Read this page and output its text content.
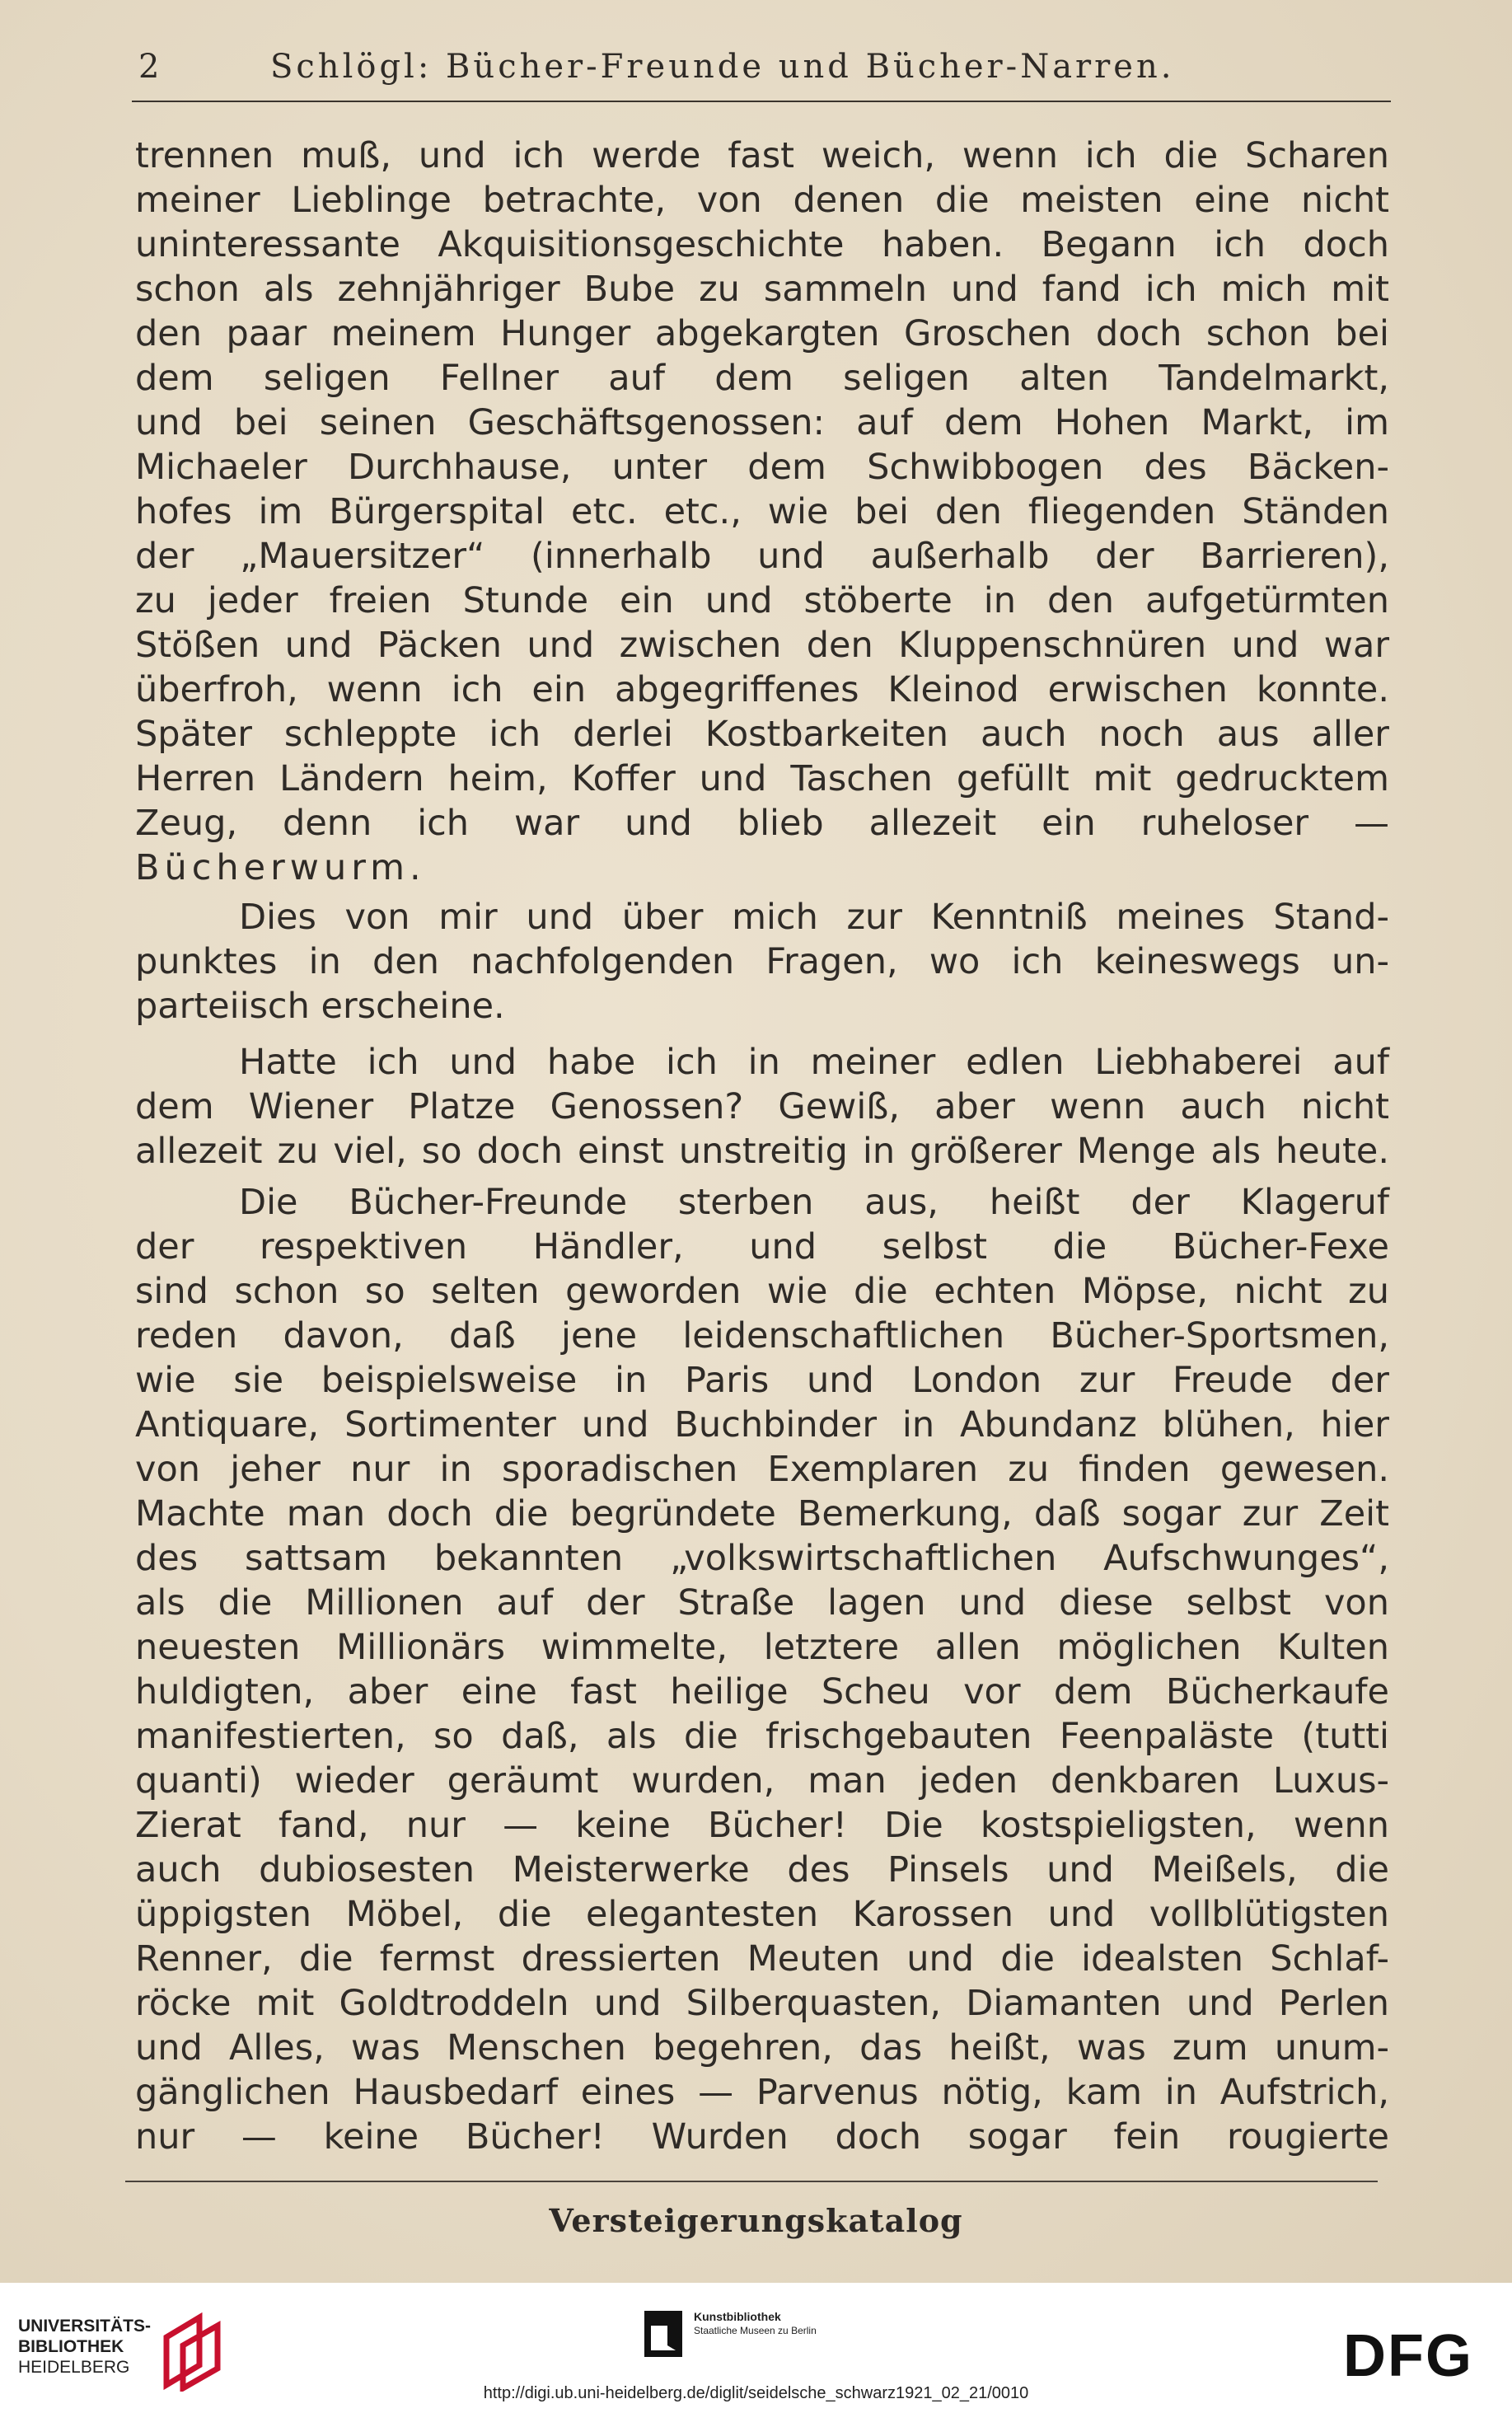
2	Schlögl: Bücher-Freunde und Bücher-Narren.
trennen muß, und ich werde fast weich, wenn ich die Scharen
meiner Lieblinge betrachte, von denen die meisten eine nicht
uninteressante Akquisitionsgeschichte haben. Begann ich doch
schon als zehnjähriger Bube zu sammeln und fand ich mich mit
den paar meinem Hunger abgekargten Groschen doch schon bei
dem seligen Fellner auf dem seligen alten Tandelmarkt,
und bei seinen Geschäftsgenossen: auf dem Hohen Markt, im
Michaeler Durchhause, unter dem Schwibbogen des Bäcken-
hofes im Bürgerspital etc. etc., wie bei den fliegenden Ständen
der „Mauersitzer“ (innerhalb und außerhalb der Barrieren),
zu jeder freien Stunde ein und stöberte in den aufgetürmten
Stößen und Päcken und zwischen den Kluppenschnüren und war
überfroh, wenn ich ein abgegriffenes Kleinod erwischen konnte.
Später schleppte ich derlei Kostbarkeiten auch noch aus aller
Herren Ländern heim, Koffer und Taschen gefüllt mit gedrucktem
Zeug, denn ich war und blieb allezeit ein ruheloser —
Bücherwurm.
Dies von mir und über mich zur Kenntniß meines Stand-
punktes in den nachfolgenden Fragen, wo ich keineswegs un-
parteiisch erscheine.
Hatte ich und habe ich in meiner edlen Liebhaberei auf
dem Wiener Platze Genossen? Gewiß, aber wenn auch nicht
allezeit zu viel, so doch einst unstreitig in größerer Menge als heute.
Die Bücher-Freunde sterben aus, heißt der Klageruf
der respektiven Händler, und selbst die Bücher-Fexe
sind schon so selten geworden wie die echten Möpse, nicht zu
reden davon, daß jene leidenschaftlichen Bücher-Sportsmen,
wie sie beispielsweise in Paris und London zur Freude der
Antiquare, Sortimenter und Buchbinder in Abundanz blühen, hier
von jeher nur in sporadischen Exemplaren zu finden gewesen.
Machte man doch die begründete Bemerkung, daß sogar zur Zeit
des sattsam bekannten „volkswirtschaftlichen Aufschwunges“,
als die Millionen auf der Straße lagen und diese selbst von
neuesten Millionärs wimmelte, letztere allen möglichen Kulten
huldigten, aber eine fast heilige Scheu vor dem Bücherkaufe
manifestierten, so daß, als die frischgebauten Feenpaläste (tutti
quanti) wieder geräumt wurden, man jeden denkbaren Luxus-
Zierat fand, nur — keine Bücher! Die kostspieligsten, wenn
auch dubiosesten Meisterwerke des Pinsels und Meißels, die
üppigsten Möbel, die elegantesten Karossen und vollblütigsten
Renner, die fermst dressierten Meuten und die idealsten Schlaf-
röcke mit Goldtroddeln und Silberquasten, Diamanten und Perlen
und Alles, was Menschen begehren, das heißt, was zum unum-
gänglichen Hausbedarf eines — Parvenus nötig, kam in Aufstrich,
nur — keine Bücher! Wurden doch sogar fein rougierte
Versteigerungskatalog
UNIVERSITÄTS-
BIBLIOTHEK
HEIDELBERG
Kunstbibliothek
Staatliche Museen zu Berlin	DFG
http://digi.ub.uni-heidelberg.de/diglit/seidelsche_schwarz1921_02_21/0010
